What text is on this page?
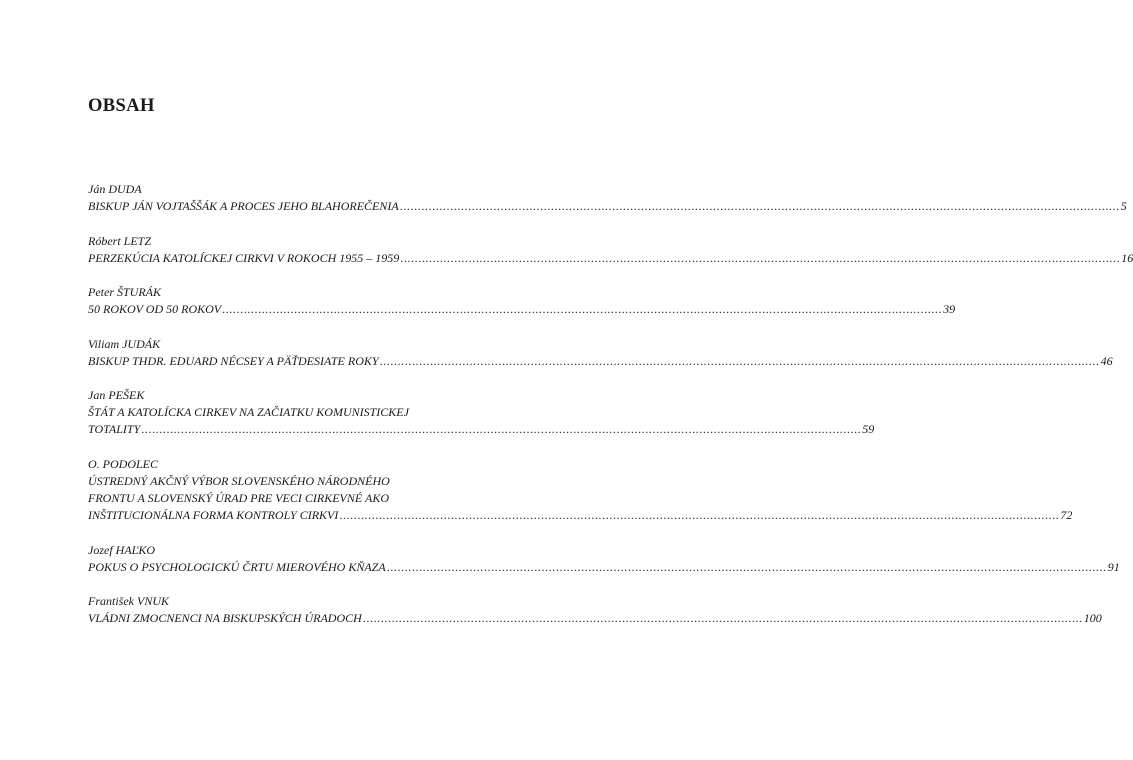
OBSAH
Ján DUDA
BISKUP JÁN VOJTAŠŠÁK A PROCES JEHO BLAHOREČENIA ........................................................................................................................................................................................................ 5
Róbert LETZ
PERZEKÚCIA KATOLÍCKEJ CIRKVI V ROKOCH 1955 – 1959 ........................................................................................................................................................................................................ 16
Peter ŠTURÁK
50 ROKOV OD 50 ROKOV ........................................................................................................................................................................................................ 39
Viliam JUDÁK
BISKUP THDR. EDUARD NÉCSEY A PÄŤDESIATE ROKY ........................................................................................................................................................................................................ 46
Jan PEŠEK
ŠTÁT A KATOLÍCKA CIRKEV NA ZAČIATKU KOMUNISTICKEJ
TOTALITY ........................................................................................................................................................................................................ 59
O. PODOLEC
ÚSTREDNÝ AKČNÝ VÝBOR SLOVENSKÉHO NÁRODNÉHO
FRONTU A SLOVENSKÝ ÚRAD PRE VECI CIRKEVNÉ AKO
INŠTITUCIONÁLNA FORMA KONTROLY CIRKVI ........................................................................................................................................................................................................ 72
Jozef HAĽKO
POKUS O PSYCHOLOGICKÚ ČRTU MIEROVÉHO KŇAZA ........................................................................................................................................................................................................ 91
František VNUK
VLÁDNI ZMOCNENCI NA BISKUPSKÝCH ÚRADOCH ........................................................................................................................................................................................................ 100
